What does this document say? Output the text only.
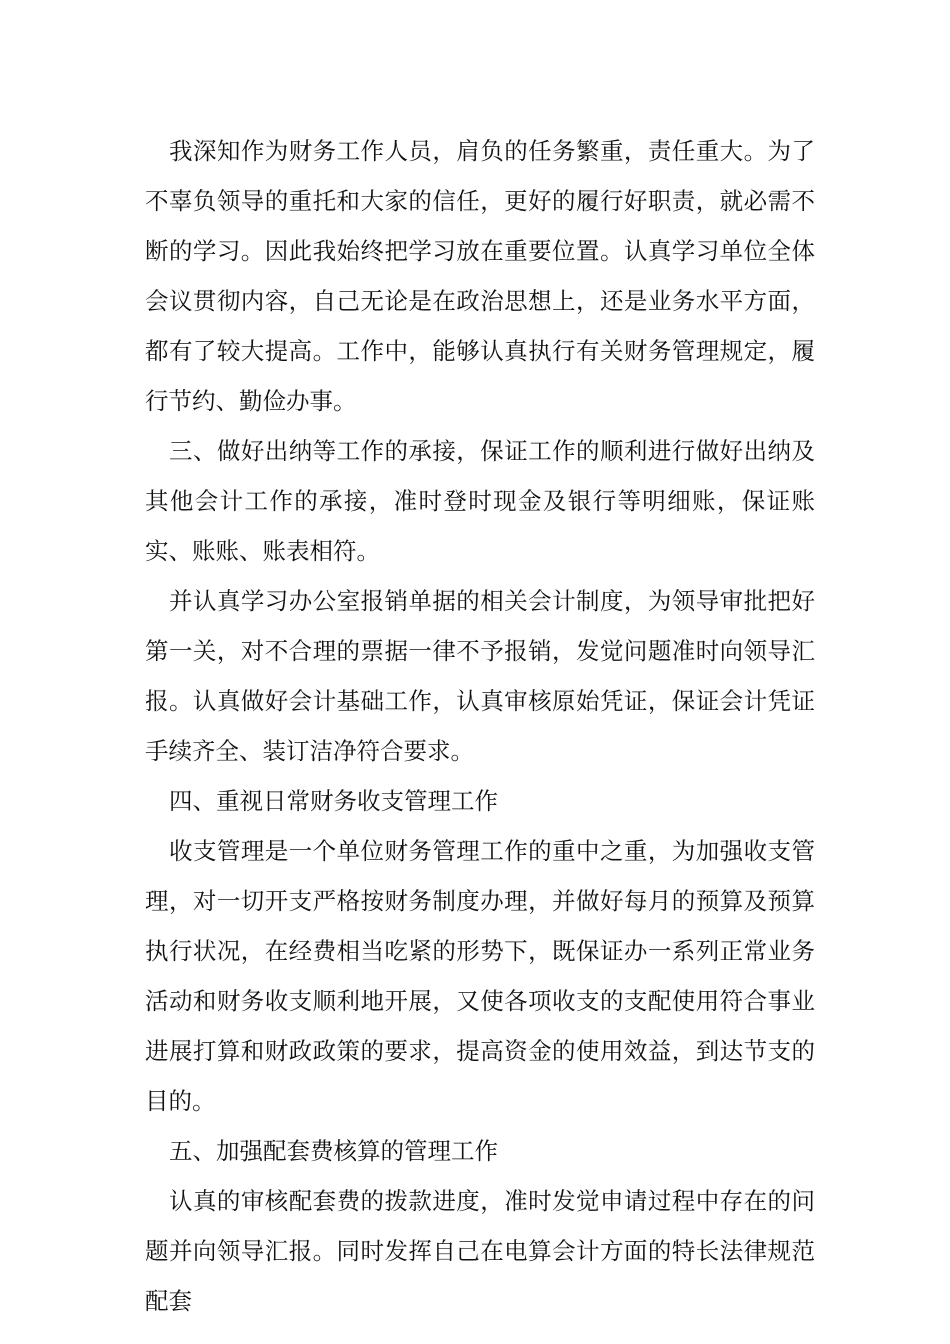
我深知作为财务工作人员，肩负的任务繁重，责任重大。为了不辜负领导的重托和大家的信任，更好的履行好职责，就必需不断的学习。因此我始终把学习放在重要位置。认真学习单位全体会议贯彻内容，自己无论是在政治思想上，还是业务水平方面，都有了较大提高。工作中，能够认真执行有关财务管理规定，履行节约、勤俭办事。

三、做好出纳等工作的承接，保证工作的顺利进行做好出纳及其他会计工作的承接，准时登时现金及银行等明细账，保证账实、账账、账表相符。

并认真学习办公室报销单据的相关会计制度，为领导审批把好第一关，对不合理的票据一律不予报销，发觉问题准时向领导汇报。认真做好会计基础工作，认真审核原始凭证，保证会计凭证手续齐全、装订洁净符合要求。

四、重视日常财务收支管理工作

收支管理是一个单位财务管理工作的重中之重，为加强收支管理，对一切开支严格按财务制度办理，并做好每月的预算及预算执行状况，在经费相当吃紧的形势下，既保证办一系列正常业务活动和财务收支顺利地开展，又使各项收支的支配使用符合事业进展打算和财政政策的要求，提高资金的使用效益，到达节支的目的。

五、加强配套费核算的管理工作

认真的审核配套费的拨款进度，准时发觉申请过程中存在的问题并向领导汇报。同时发挥自己在电算会计方面的特长法律规范配套
